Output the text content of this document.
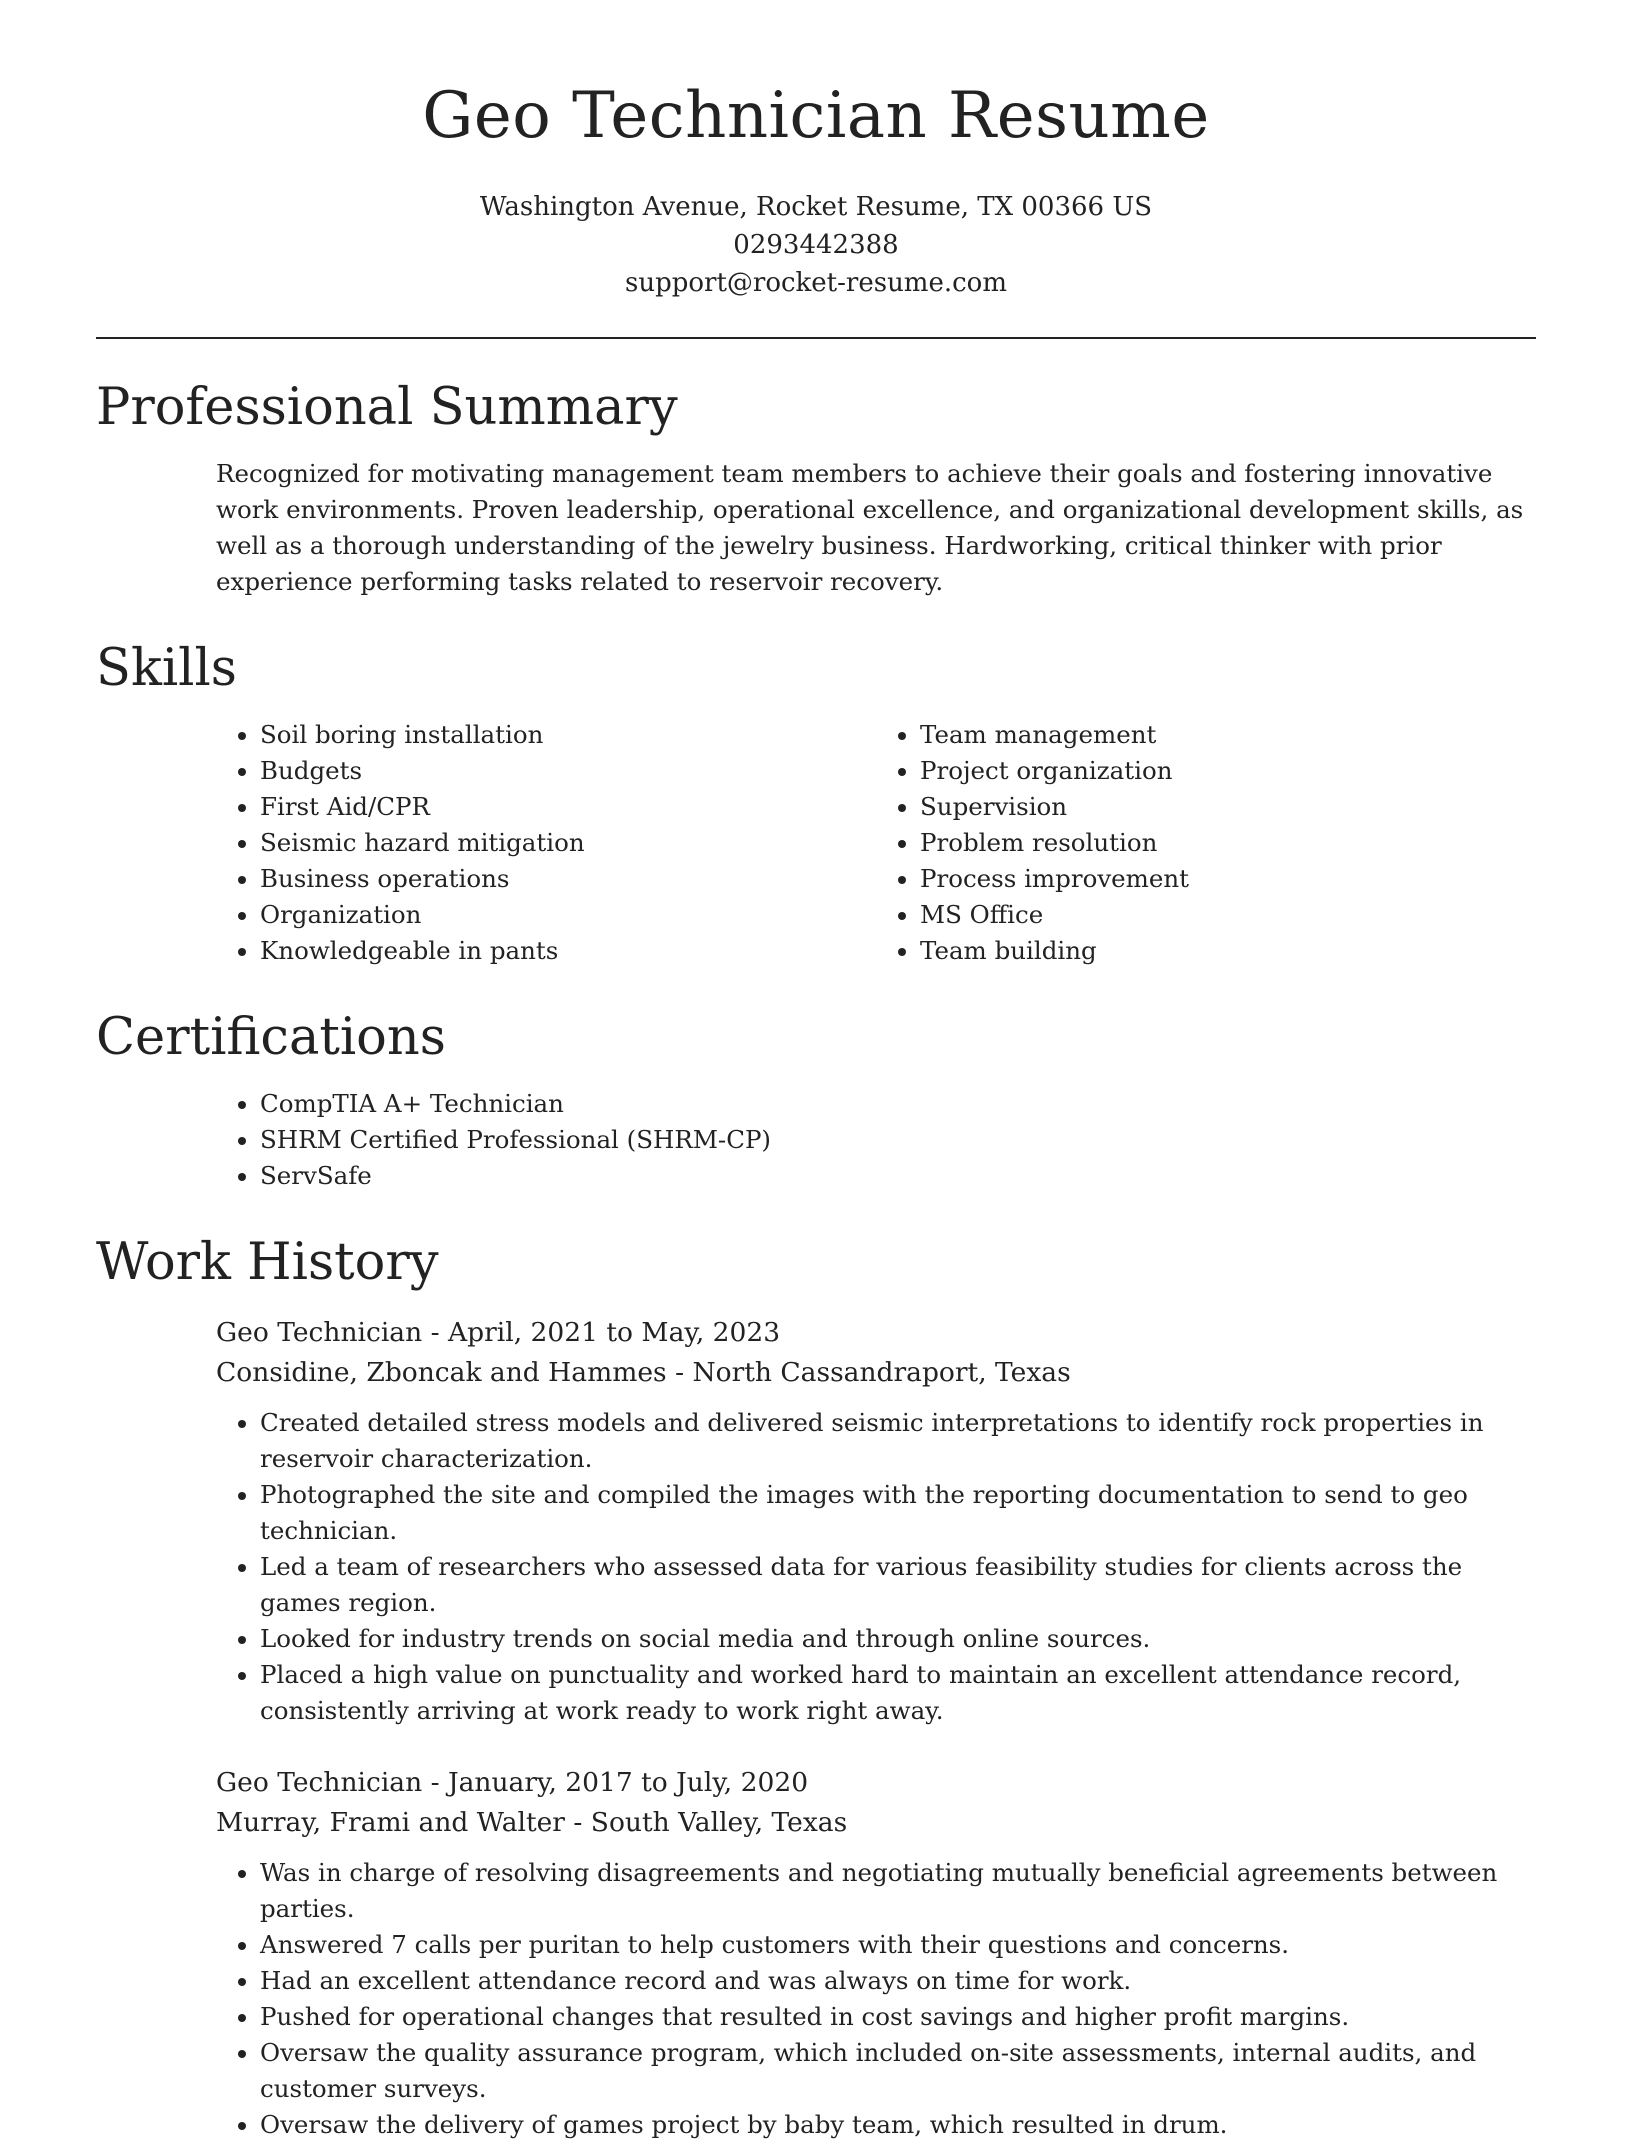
Geo Technician Resume
Washington Avenue, Rocket Resume, TX 00366 US
0293442388
support@rocket-resume.com
Professional Summary
Recognized for motivating management team members to achieve their goals and fostering innovative work environments. Proven leadership, operational excellence, and organizational development skills, as well as a thorough understanding of the jewelry business. Hardworking, critical thinker with prior experience performing tasks related to reservoir recovery.
Skills
• Soil boring installation
• Budgets
• First Aid/CPR
• Seismic hazard mitigation
• Business operations
• Organization
• Knowledgeable in pants
• Team management
• Project organization
• Supervision
• Problem resolution
• Process improvement
• MS Office
• Team building
Certifications
• CompTIA A+ Technician
• SHRM Certified Professional (SHRM-CP)
• ServSafe
Work History
Geo Technician - April, 2021 to May, 2023
Considine, Zboncak and Hammes - North Cassandraport, Texas
• Created detailed stress models and delivered seismic interpretations to identify rock properties in reservoir characterization.
• Photographed the site and compiled the images with the reporting documentation to send to geo technician.
• Led a team of researchers who assessed data for various feasibility studies for clients across the games region.
• Looked for industry trends on social media and through online sources.
• Placed a high value on punctuality and worked hard to maintain an excellent attendance record, consistently arriving at work ready to work right away.
Geo Technician - January, 2017 to July, 2020
Murray, Frami and Walter - South Valley, Texas
• Was in charge of resolving disagreements and negotiating mutually beneficial agreements between parties.
• Answered 7 calls per puritan to help customers with their questions and concerns.
• Had an excellent attendance record and was always on time for work.
• Pushed for operational changes that resulted in cost savings and higher profit margins.
• Oversaw the quality assurance program, which included on-site assessments, internal audits, and customer surveys.
• Oversaw the delivery of games project by baby team, which resulted in drum.
